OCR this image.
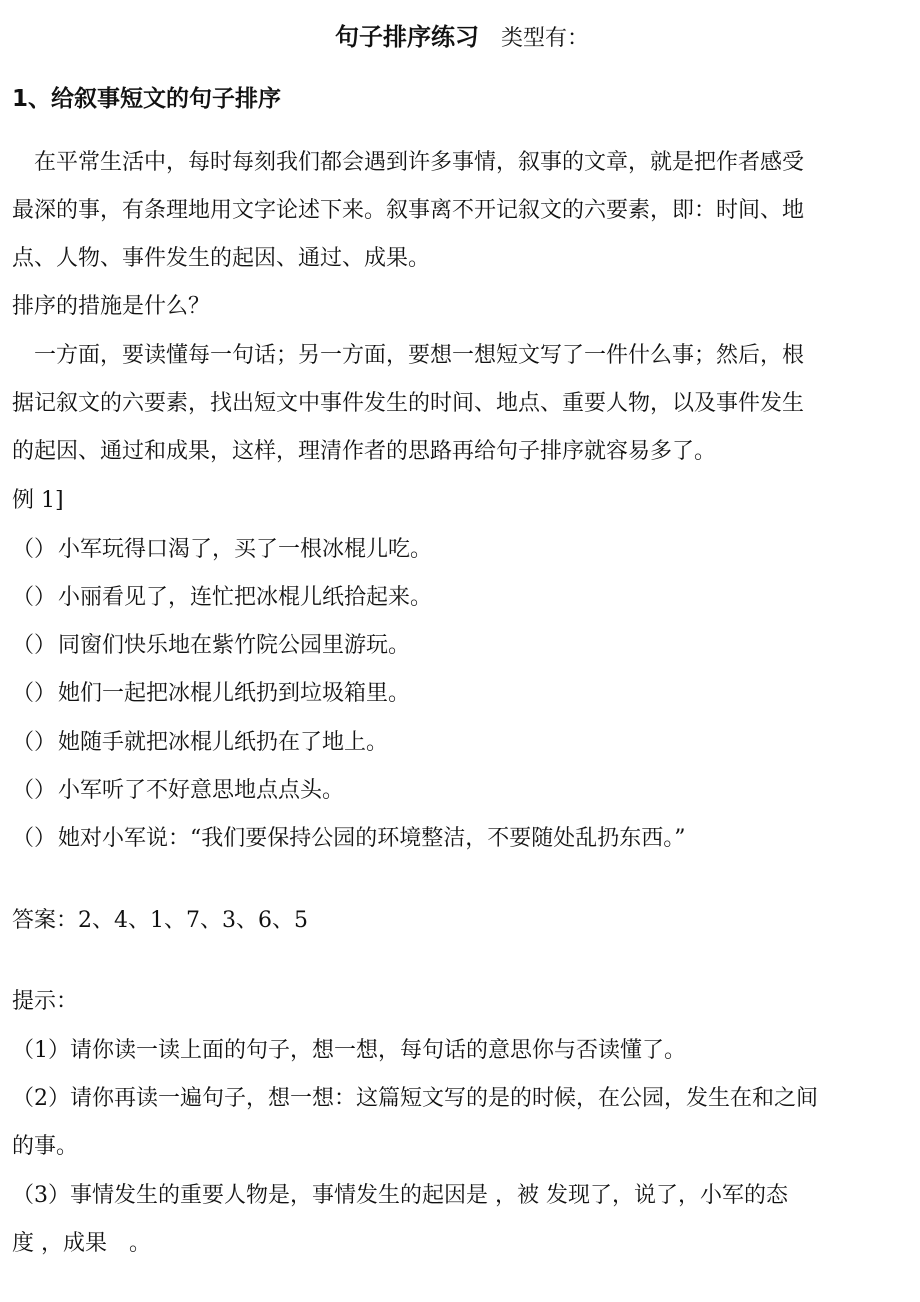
句子排序练习 类型有：
1、给叙事短文的句子排序
在平常生活中，每时每刻我们都会遇到许多事情，叙事的文章，就是把作者感受
最深的事，有条理地用文字论述下来。叙事离不开记叙文的六要素，即：时间、地
点、人物、事件发生的起因、通过、成果。
排序的措施是什么？
一方面，要读懂每一句话；另一方面，要想一想短文写了一件什么事；然后，根
据记叙文的六要素，找出短文中事件发生的时间、地点、重要人物，以及事件发生
的起因、通过和成果，这样，理清作者的思路再给句子排序就容易多了。
例 1]
（）小军玩得口渴了，买了一根冰棍儿吃。
（）小丽看见了，连忙把冰棍儿纸拾起来。
（）同窗们快乐地在紫竹院公园里游玩。
（）她们一起把冰棍儿纸扔到垃圾箱里。
（）她随手就把冰棍儿纸扔在了地上。
（）小军听了不好意思地点点头。
（）她对小军说：“我们要保持公园的环境整洁，不要随处乱扔东西。”
答案：2、4、1、7、3、6、5
提示：
（1）请你读一读上面的句子，想一想，每句话的意思你与否读懂了。
（2）请你再读一遍句子，想一想：这篇短文写的是的时候，在公园，发生在和之间
的事。
（3）事情发生的重要人物是，事情发生的起因是 ，被 发现了，说了，小军的态
度 ，成果　。
